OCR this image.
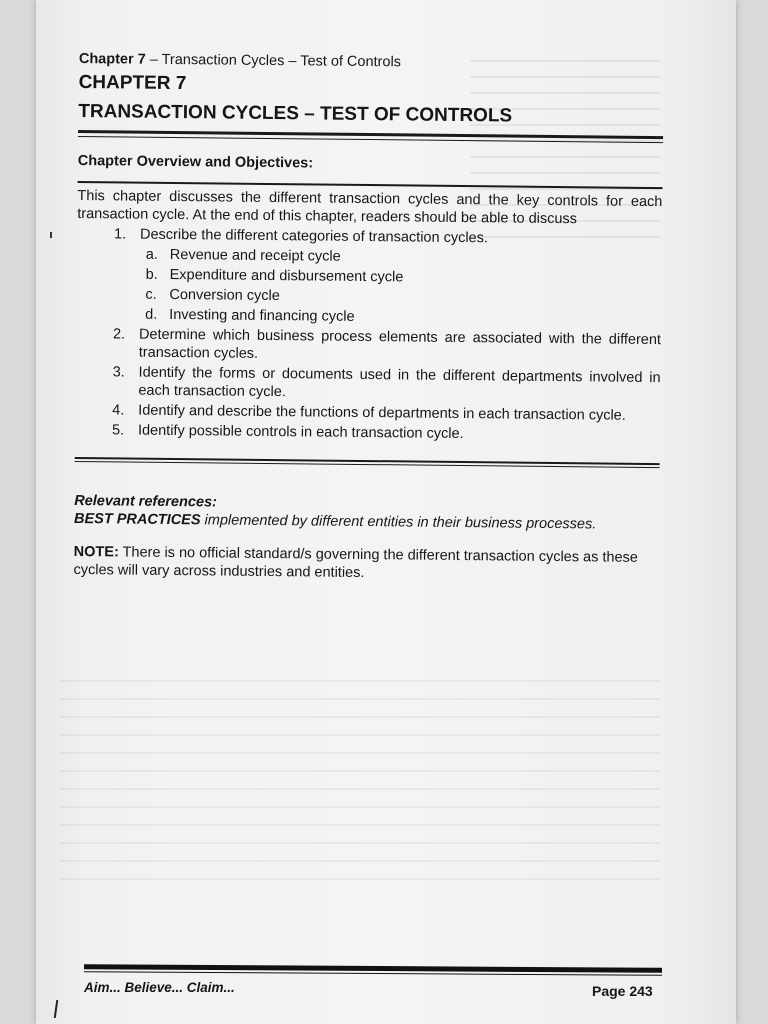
Chapter 7 – Transaction Cycles – Test of Controls

CHAPTER 7

TRANSACTION CYCLES – TEST OF CONTROLS

Chapter Overview and Objectives:

This chapter discusses the different transaction cycles and the key controls for each transaction cycle. At the end of this chapter, readers should be able to discuss

1. Describe the different categories of transaction cycles.
a. Revenue and receipt cycle
b. Expenditure and disbursement cycle
c. Conversion cycle
d. Investing and financing cycle
2. Determine which business process elements are associated with the different transaction cycles.
3. Identify the forms or documents used in the different departments involved in each transaction cycle.
4. Identify and describe the functions of departments in each transaction cycle.
5. Identify possible controls in each transaction cycle.

Relevant references:

BEST PRACTICES implemented by different entities in their business processes.

NOTE: There is no official standard/s governing the different transaction cycles as these cycles will vary across industries and entities.

Aim... Believe... Claim...	Page 243
